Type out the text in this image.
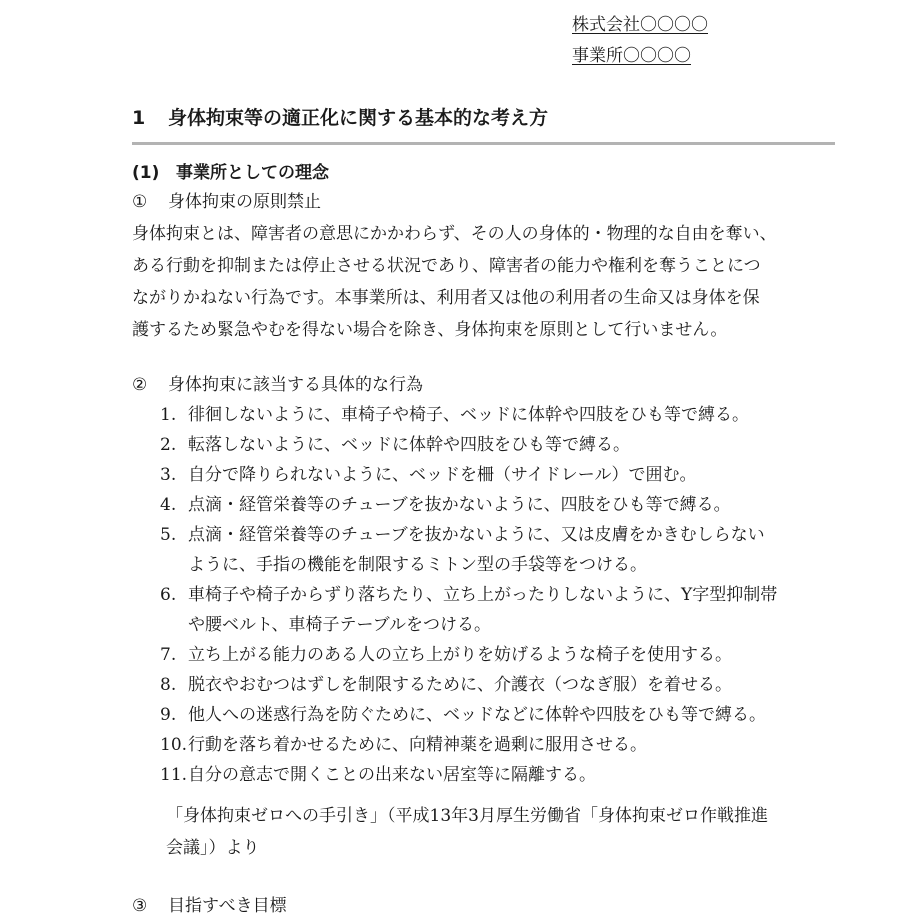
株式会社〇〇〇〇
事業所〇〇〇〇
1 身体拘束等の適正化に関する基本的な考え方
(1) 事業所としての理念
① 身体拘束の原則禁止

身体拘束とは、障害者の意思にかかわらず、その人の身体的・物理的な自由を奪い、
ある行動を抑制または停止させる状況であり、障害者の能力や権利を奪うことにつ
ながりかねない行為です。本事業所は、利用者又は他の利用者の生命又は身体を保
護するため緊急やむを得ない場合を除き、身体拘束を原則として行いません。

② 身体拘束に該当する具体的な行為
1. 徘徊しないように、車椅子や椅子、ベッドに体幹や四肢をひも等で縛る。
2. 転落しないように、ベッドに体幹や四肢をひも等で縛る。
3. 自分で降りられないように、ベッドを柵（サイドレール）で囲む。
4. 点滴・経管栄養等のチューブを抜かないように、四肢をひも等で縛る。
5. 点滴・経管栄養等のチューブを抜かないように、又は皮膚をかきむしらない
ように、手指の機能を制限するミトン型の手袋等をつける。
6. 車椅子や椅子からずり落ちたり、立ち上がったりしないように、Y字型抑制帯
や腰ベルト、車椅子テーブルをつける。
7. 立ち上がる能力のある人の立ち上がりを妨げるような椅子を使用する。
8. 脱衣やおむつはずしを制限するために、介護衣（つなぎ服）を着せる。
9. 他人への迷惑行為を防ぐために、ベッドなどに体幹や四肢をひも等で縛る。
10. 行動を落ち着かせるために、向精神薬を過剰に服用させる。
11. 自分の意志で開くことの出来ない居室等に隔離する。
「身体拘束ゼロへの手引き」（平成13年3月厚生労働省「身体拘束ゼロ作戦推進
会議」）より
③ 目指すべき目標
